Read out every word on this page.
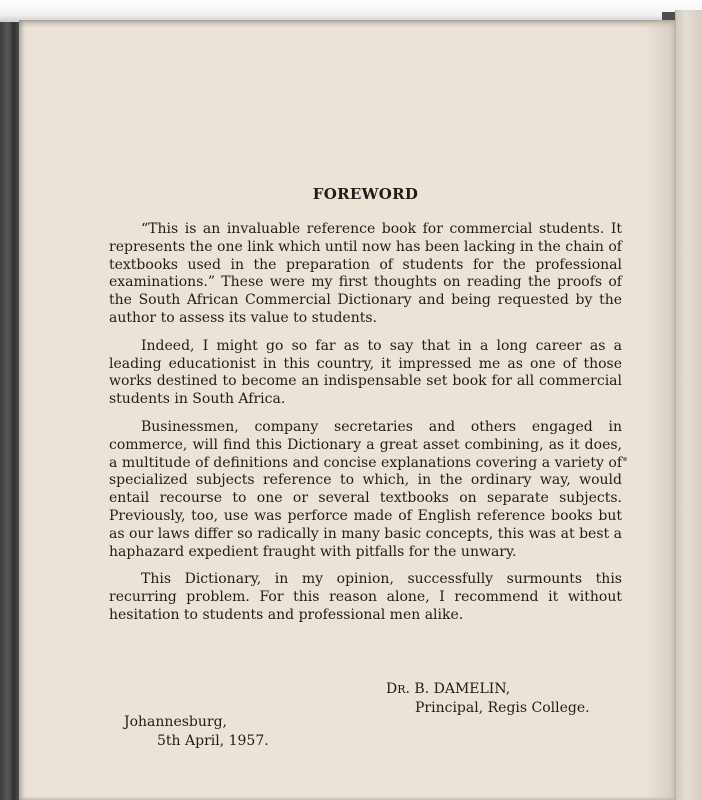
FOREWORD

“This is an invaluable reference book for commercial students. It represents the one link which until now has been lacking in the chain of textbooks used in the preparation of students for the professional examinations.” These were my first thoughts on reading the proofs of the South African Commercial Dictionary and being requested by the author to assess its value to students.

Indeed, I might go so far as to say that in a long career as a leading educationist in this country, it impressed me as one of those works destined to become an indispensable set book for all commercial students in South Africa.

Businessmen, company secretaries and others engaged in commerce, will find this Dictionary a great asset combining, as it does, a multitude of definitions and concise explanations covering a variety of specialized subjects reference to which, in the ordinary way, would entail recourse to one or several textbooks on separate subjects. Previously, too, use was perforce made of English reference books but as our laws differ so radically in many basic concepts, this was at best a haphazard expedient fraught with pitfalls for the unwary.

This Dictionary, in my opinion, successfully surmounts this recurring problem. For this reason alone, I recommend it without hesitation to students and professional men alike.

DR. B. DAMELIN,
Principal, Regis College.
Johannesburg,
5th April, 1957.
